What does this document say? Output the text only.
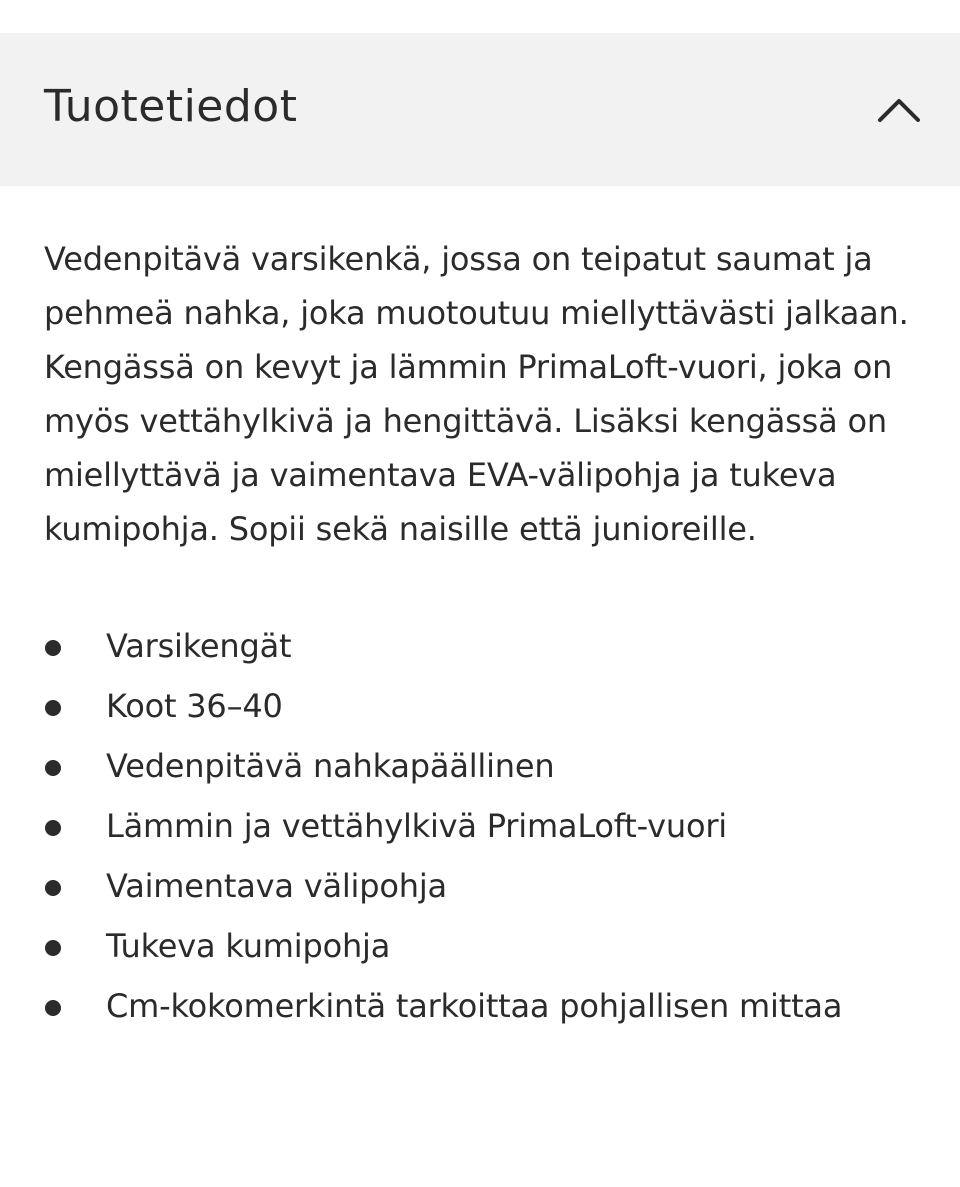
Tuotetiedot

Vedenpitävä varsikenkä, jossa on teipatut saumat ja pehmeä nahka, joka muotoutuu miellyttävästi jalkaan. Kengässä on kevyt ja lämmin PrimaLoft-vuori, joka on myös vettähylkivä ja hengittävä. Lisäksi kengässä on miellyttävä ja vaimentava EVA-välipohja ja tukeva kumipohja. Sopii sekä naisille että junioreille.

Varsikengät
Koot 36–40
Vedenpitävä nahkapäällinen
Lämmin ja vettähylkivä PrimaLoft-vuori
Vaimentava välipohja
Tukeva kumipohja
Cm-kokomerkintä tarkoittaa pohjallisen mittaa
